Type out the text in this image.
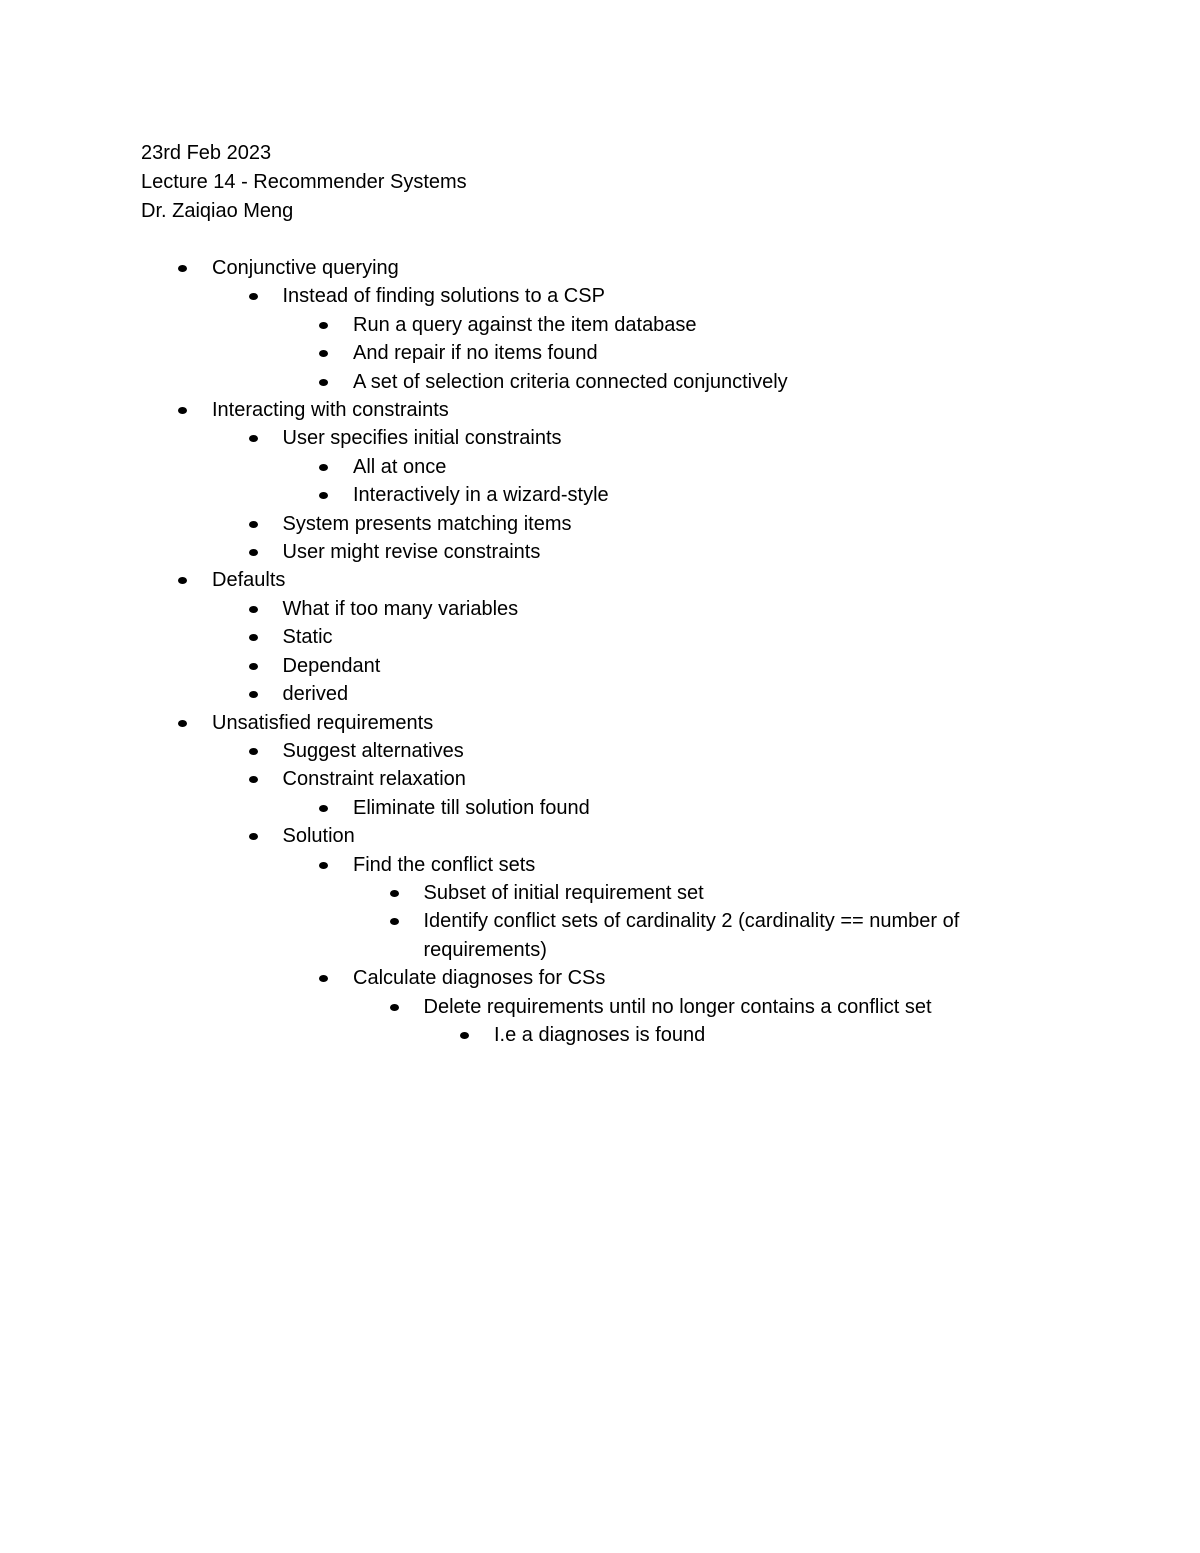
23rd Feb 2023
Lecture 14 - Recommender Systems
Dr. Zaiqiao Meng
Conjunctive querying
Instead of finding solutions to a CSP
Run a query against the item database
And repair if no items found
A set of selection criteria connected conjunctively
Interacting with constraints
User specifies initial constraints
All at once
Interactively in a wizard-style
System presents matching items
User might revise constraints
Defaults
What if too many variables
Static
Dependant
derived
Unsatisfied requirements
Suggest alternatives
Constraint relaxation
Eliminate till solution found
Solution
Find the conflict sets
Subset of initial requirement set
Identify conflict sets of cardinality 2 (cardinality == number of requirements)
Calculate diagnoses for CSs
Delete requirements until no longer contains a conflict set
I.e a diagnoses is found
